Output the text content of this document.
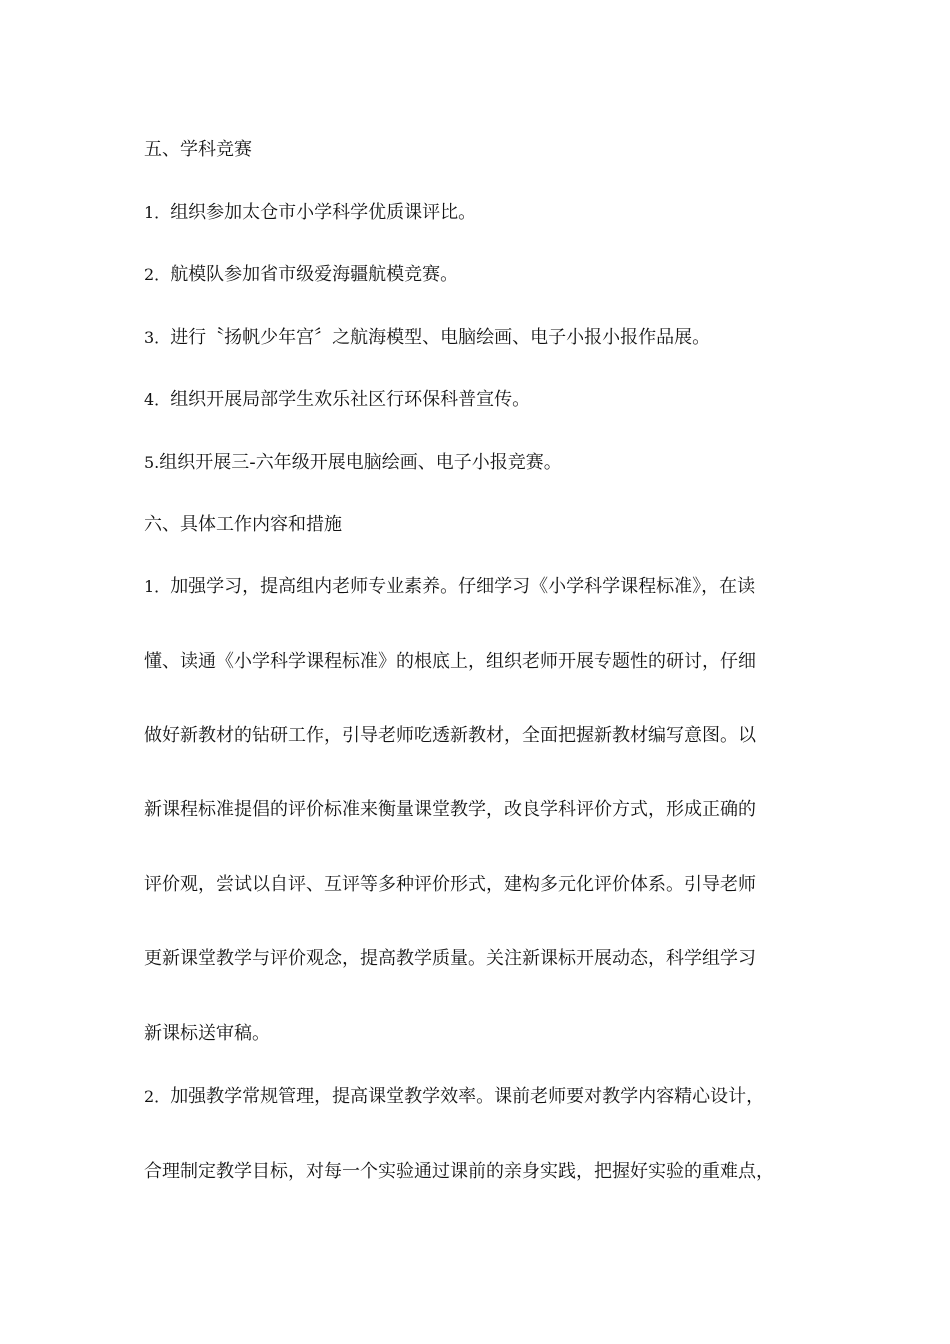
五、学科竞赛
1．组织参加太仓市小学科学优质课评比。
2．航模队参加省市级爱海疆航模竞赛。
3．进行〝扬帆少年宫〞之航海模型、电脑绘画、电子小报小报作品展。
4．组织开展局部学生欢乐社区行环保科普宣传。
5.组织开展三-六年级开展电脑绘画、电子小报竞赛。
六、具体工作内容和措施
1．加强学习，提高组内老师专业素养。仔细学习《小学科学课程标准》，在读
懂、读通《小学科学课程标准》的根底上，组织老师开展专题性的研讨，仔细
做好新教材的钻研工作，引导老师吃透新教材，全面把握新教材编写意图。以
新课程标准提倡的评价标准来衡量课堂教学，改良学科评价方式，形成正确的
评价观，尝试以自评、互评等多种评价形式，建构多元化评价体系。引导老师
更新课堂教学与评价观念，提高教学质量。关注新课标开展动态，科学组学习
新课标送审稿。
2．加强教学常规管理，提高课堂教学效率。课前老师要对教学内容精心设计，
合理制定教学目标，对每一个实验通过课前的亲身实践，把握好实验的重难点，
